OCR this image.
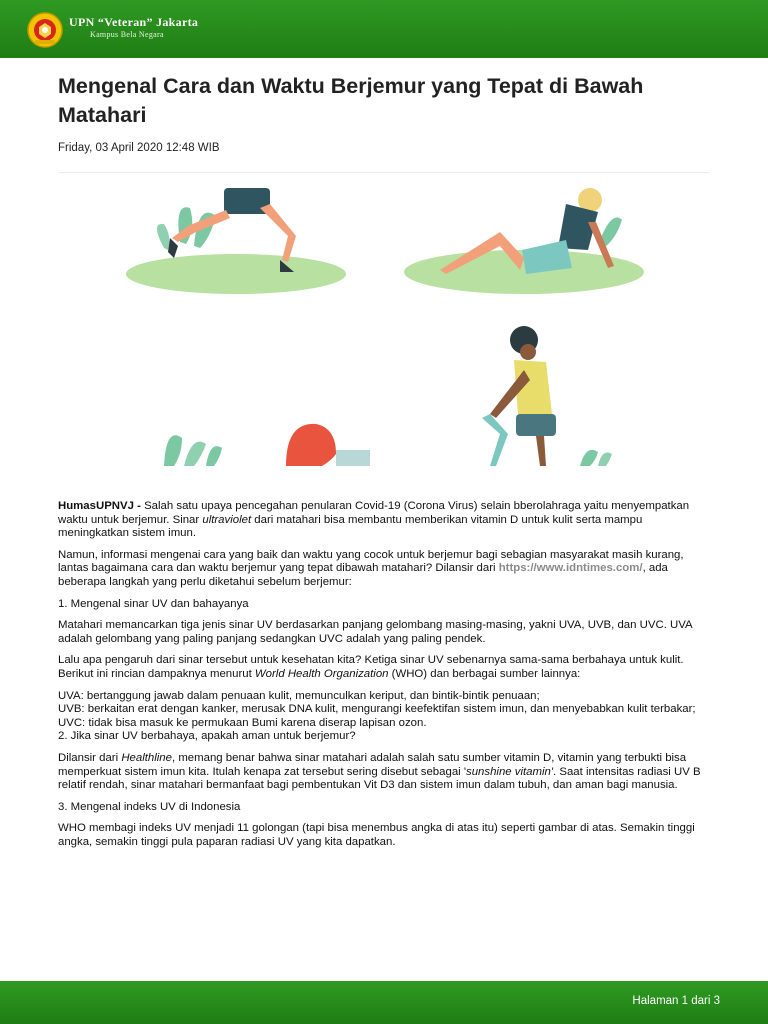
UPN “Veteran” Jakarta
Kampus Bela Negara
Mengenal Cara dan Waktu Berjemur yang Tepat di Bawah Matahari
Friday, 03 April 2020 12:48 WIB

HumasUPNVJ - Salah satu upaya pencegahan penularan Covid-19 (Corona Virus) selain bberolahraga yaitu menyempatkan waktu untuk berjemur. Sinar ultraviolet dari matahari bisa membantu memberikan vitamin D untuk kulit serta mampu meningkatkan sistem imun.

Namun, informasi mengenai cara yang baik dan waktu yang cocok untuk berjemur bagi sebagian masyarakat masih kurang, lantas bagaimana cara dan waktu berjemur yang tepat dibawah matahari? Dilansir dari https://www.idntimes.com/, ada beberapa langkah yang perlu diketahui sebelum berjemur:

1. Mengenal sinar UV dan bahayanya

Matahari memancarkan tiga jenis sinar UV berdasarkan panjang gelombang masing-masing, yakni UVA, UVB, dan UVC. UVA adalah gelombang yang paling panjang sedangkan UVC adalah yang paling pendek.

Lalu apa pengaruh dari sinar tersebut untuk kesehatan kita? Ketiga sinar UV sebenarnya sama-sama berbahaya untuk kulit. Berikut ini rincian dampaknya menurut World Health Organization (WHO) dan berbagai sumber lainnya:

UVA: bertanggung jawab dalam penuaan kulit, memunculkan keriput, dan bintik-bintik penuaan;
UVB: berkaitan erat dengan kanker, merusak DNA kulit, mengurangi keefektifan sistem imun, dan menyebabkan kulit terbakar;
UVC: tidak bisa masuk ke permukaan Bumi karena diserap lapisan ozon.

2. Jika sinar UV berbahaya, apakah aman untuk berjemur?

Dilansir dari Healthline, memang benar bahwa sinar matahari adalah salah satu sumber vitamin D, vitamin yang terbukti bisa memperkuat sistem imun kita. Itulah kenapa zat tersebut sering disebut sebagai 'sunshine vitamin'. Saat intensitas radiasi UV B relatif rendah, sinar matahari bermanfaat bagi pembentukan Vit D3 dan sistem imun dalam tubuh, dan aman bagi manusia.

3. Mengenal indeks UV di Indonesia

WHO membagi indeks UV menjadi 11 golongan (tapi bisa menembus angka di atas itu) seperti gambar di atas. Semakin tinggi angka, semakin tinggi pula paparan radiasi UV yang kita dapatkan.

Halaman 1 dari 3
